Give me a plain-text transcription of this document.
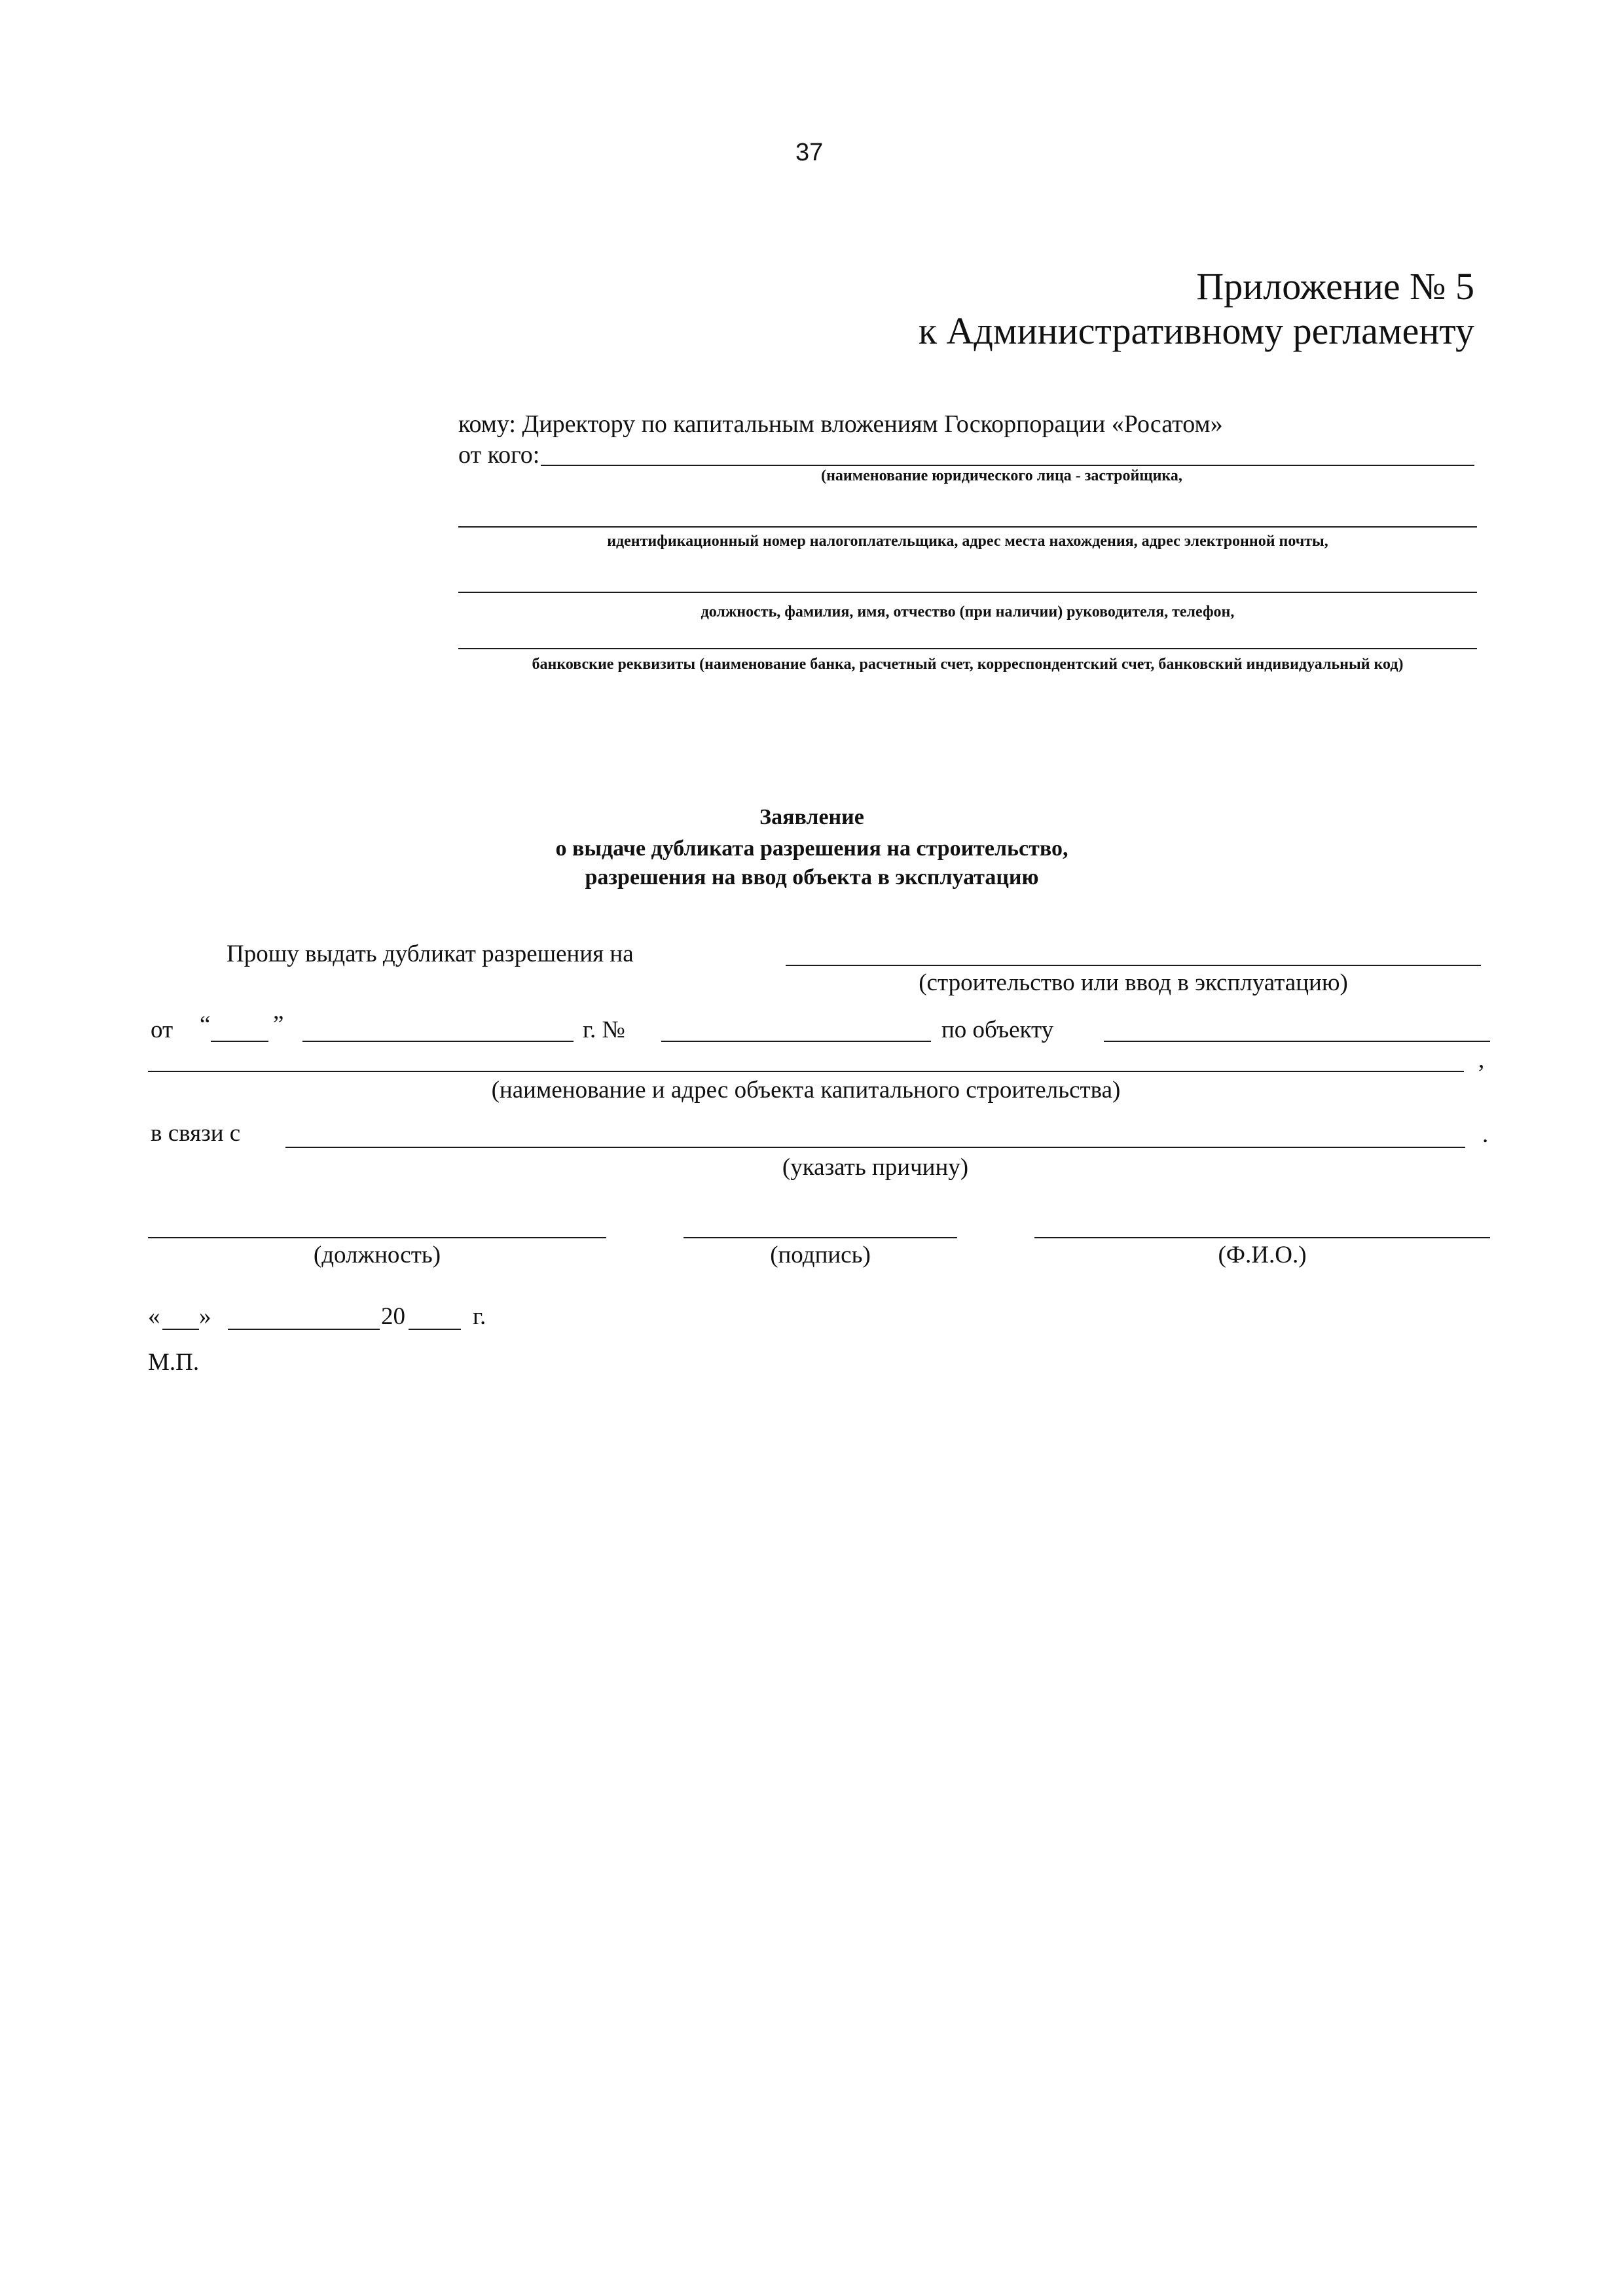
37
Приложение № 5
к Административному регламенту
кому: Директору по капитальным вложениям Госкорпорации «Росатом»
от кого:
(наименование юридического лица - застройщика,
идентификационный номер налогоплательщика, адрес места нахождения, адрес электронной почты,
должность, фамилия, имя, отчество (при наличии) руководителя, телефон,
банковские реквизиты (наименование банка, расчетный счет, корреспондентский счет, банковский индивидуальный код)
Заявление
о выдаче дубликата разрешения на строительство,
разрешения на ввод объекта в эксплуатацию
Прошу выдать дубликат разрешения на
(строительство или ввод в эксплуатацию)
от “	”	г. №	по объекту
,
(наименование и адрес объекта капитального строительства)
в связи с	.
(указать причину)
(должность)	(подпись)	(Ф.И.О.)
« »	20	г.
М.П.
